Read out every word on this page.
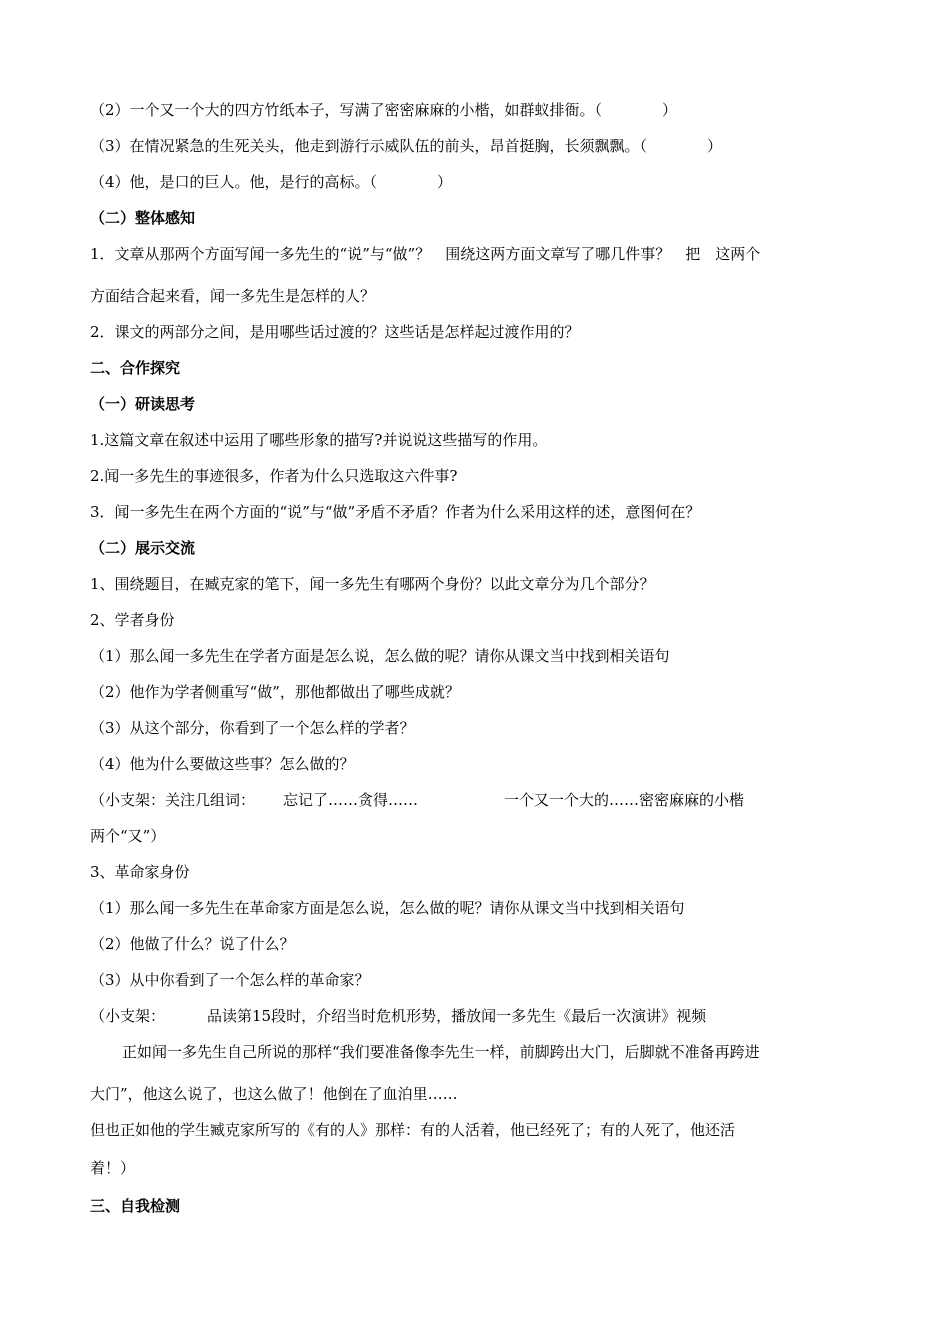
（2）一个又一个大的四方竹纸本子，写满了密密麻麻的小楷，如群蚁排衙。（　　　　）
（3）在情况紧急的生死关头，他走到游行示威队伍的前头，昂首挺胸，长须飘飘。（　　　　）
（4）他，是口的巨人。他，是行的高标。（　　　　）
（二）整体感知
1．文章从那两个方面写闻一多先生的“说”与“做”？　围绕这两方面文章写了哪几件事？　把　这两个
方面结合起来看，闻一多先生是怎样的人？
2．课文的两部分之间，是用哪些话过渡的？这些话是怎样起过渡作用的？
二、合作探究
（一）研读思考
1.这篇文章在叙述中运用了哪些形象的描写?并说说这些描写的作用。
2.闻一多先生的事迹很多，作者为什么只选取这六件事?
3．闻一多先生在两个方面的“说”与“做”矛盾不矛盾？作者为什么采用这样的述，意图何在？
（二）展示交流
1、围绕题目，在臧克家的笔下，闻一多先生有哪两个身份？以此文章分为几个部分？
2、学者身份
（1）那么闻一多先生在学者方面是怎么说，怎么做的呢？请你从课文当中找到相关语句
（2）他作为学者侧重写“做”，那他都做出了哪些成就？
（3）从这个部分，你看到了一个怎么样的学者？
（4）他为什么要做这些事？怎么做的？
（小支架：关注几组词： 忘记了……贪得……	一个又一个大的……密密麻麻的小楷
两个“又”）
3、革命家身份
（1）那么闻一多先生在革命家方面是怎么说，怎么做的呢？请你从课文当中找到相关语句
（2）他做了什么？说了什么？
（3）从中你看到了一个怎么样的革命家？
（小支架：	品读第15段时，介绍当时危机形势，播放闻一多先生《最后一次演讲》视频
正如闻一多先生自己所说的那样“我们要准备像李先生一样，前脚跨出大门，后脚就不准备再跨进
大门”，他这么说了，也这么做了！他倒在了血泊里……
但也正如他的学生臧克家所写的《有的人》那样：有的人活着，他已经死了；有的人死了，他还活
着！）
三、自我检测
